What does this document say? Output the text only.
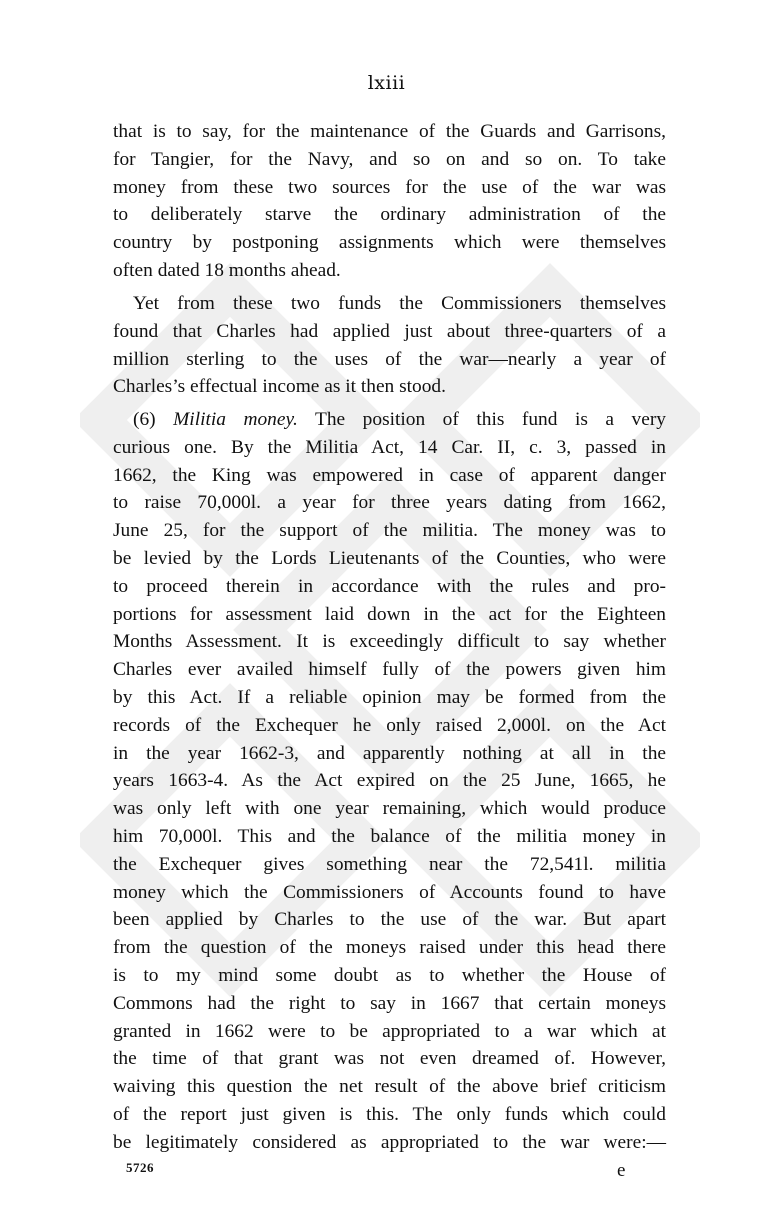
lxiii
that is to say, for the maintenance of the Guards and Garrisons,
for Tangier, for the Navy, and so on and so on. To take
money from these two sources for the use of the war was
to deliberately starve the ordinary administration of the
country by postponing assignments which were themselves
often dated 18 months ahead.
Yet from these two funds the Commissioners themselves
found that Charles had applied just about three-quarters of a
million sterling to the uses of the war—nearly a year of
Charles’s effectual income as it then stood.
(6) Militia money. The position of this fund is a very
curious one. By the Militia Act, 14 Car. II, c. 3, passed in
1662, the King was empowered in case of apparent danger
to raise 70,000l. a year for three years dating from 1662,
June 25, for the support of the militia. The money was to
be levied by the Lords Lieutenants of the Counties, who were
to proceed therein in accordance with the rules and pro-
portions for assessment laid down in the act for the Eighteen
Months Assessment. It is exceedingly difficult to say whether
Charles ever availed himself fully of the powers given him
by this Act. If a reliable opinion may be formed from the
records of the Exchequer he only raised 2,000l. on the Act
in the year 1662-3, and apparently nothing at all in the
years 1663-4. As the Act expired on the 25 June, 1665, he
was only left with one year remaining, which would produce
him 70,000l. This and the balance of the militia money in
the Exchequer gives something near the 72,541l. militia
money which the Commissioners of Accounts found to have
been applied by Charles to the use of the war. But apart
from the question of the moneys raised under this head there
is to my mind some doubt as to whether the House of
Commons had the right to say in 1667 that certain moneys
granted in 1662 were to be appropriated to a war which at
the time of that grant was not even dreamed of. However,
waiving this question the net result of the above brief criticism
of the report just given is this. The only funds which could
be legitimately considered as appropriated to the war were:—
5726	e
